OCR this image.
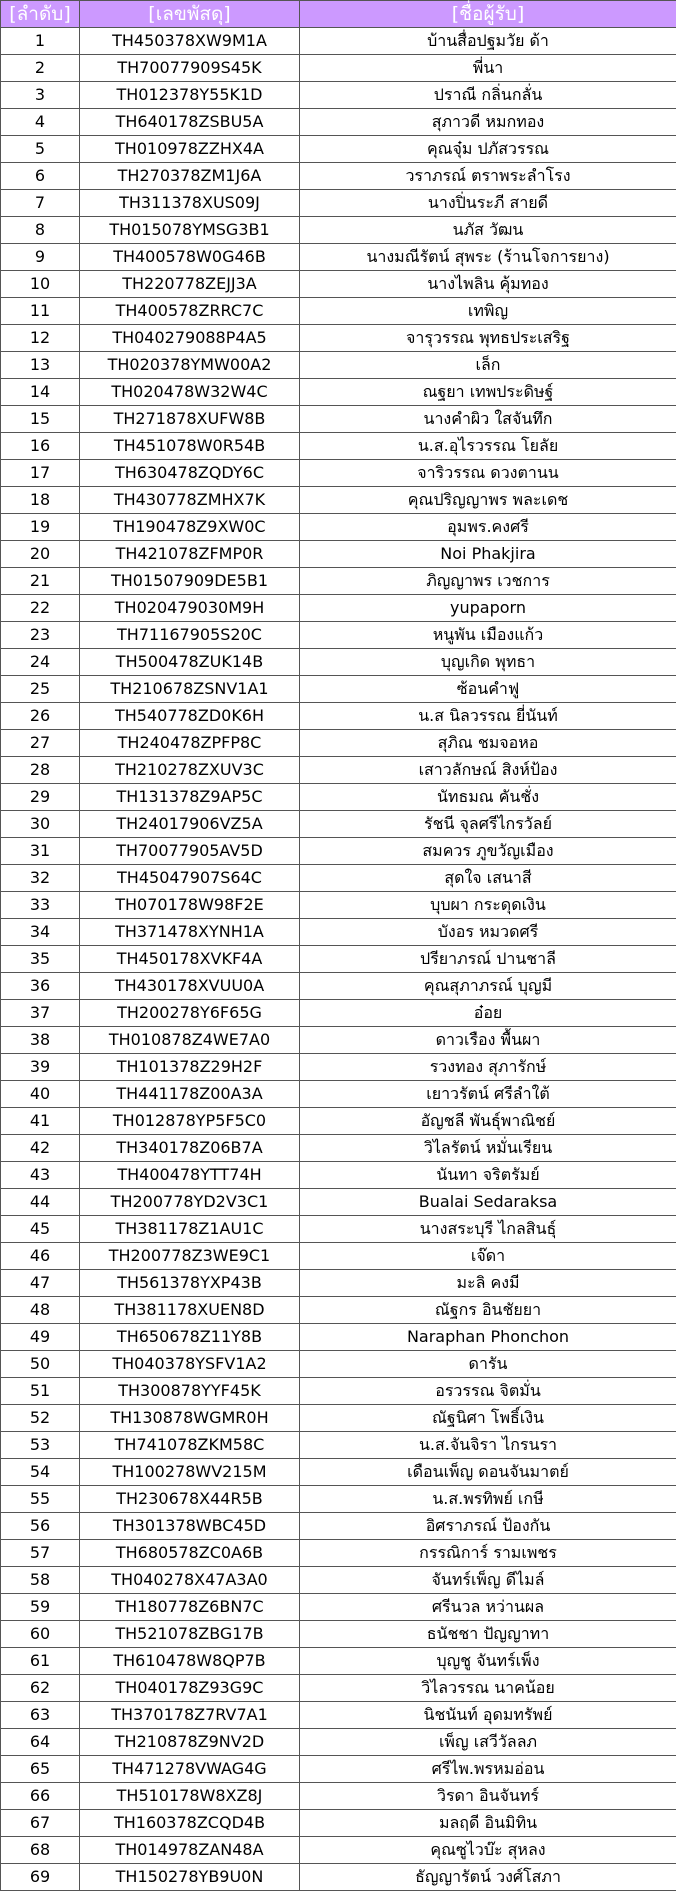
[ลำดับ]	[เลขพัสดุ]	[ชื่อผู้รับ]
1	TH450378XW9M1A	บ้านสื่อปฐมวัย ด้า
2	TH70077909S45K	พี่นา
3	TH012378Y55K1D	ปราณี กลิ่นกลั่น
4	TH640178ZSBU5A	สุภาวดี หมกทอง
5	TH010978ZZHX4A	คุณจุ๋ม ปภัสวรรณ
6	TH270378ZM1J6A	วราภรณ์ ตราพระลำโรง
7	TH311378XUS09J	นางปิ่นระภี สายดี
8	TH015078YMSG3B1	นภัส วัฒน
9	TH400578W0G46B	นางมณีรัตน์ สุพระ (ร้านโจการยาง)
10	TH220778ZEJJ3A	นางไพลิน คุ้มทอง
11	TH400578ZRRC7C	เทพิญ
12	TH040279088P4A5	จารุวรรณ พุทธประเสริฐ
13	TH020378YMW00A2	เล็ก
14	TH020478W32W4C	ณฐยา เทพประดิษฐ์
15	TH271878XUFW8B	นางคำผิว ใสจันทึก
16	TH451078W0R54B	น.ส.อุไรวรรณ โยลัย
17	TH630478ZQDY6C	จาริวรรณ ดวงตานน
18	TH430778ZMHX7K	คุณปริญญาพร พละเดช
19	TH190478Z9XW0C	อุมพร.คงศรี
20	TH421078ZFMP0R	Noi Phakjira
21	TH01507909DE5B1	ภิญญาพร เวชการ
22	TH020479030M9H	yupaporn
23	TH71167905S20C	หนูพัน เมืองแก้ว
24	TH500478ZUK14B	บุญเกิด พุทธา
25	TH210678ZSNV1A1	ซ้อนคำฟู
26	TH540778ZD0K6H	น.ส นิลวรรณ ยี่นันท์
27	TH240478ZPFP8C	สุภิณ ชมจอหอ
28	TH210278ZXUV3C	เสาวลักษณ์ สิงห์ป้อง
29	TH131378Z9AP5C	นัทธมณ คันชั่ง
30	TH24017906VZ5A	รัชนี จุลศรีไกรวัลย์
31	TH70077905AV5D	สมควร ภูขวัญเมือง
32	TH45047907S64C	สุดใจ เสนาสี
33	TH070178W98F2E	บุบผา กระดุดเงิน
34	TH371478XYNH1A	บังอร หมวดศรี
35	TH450178XVKF4A	ปรียาภรณ์ ปานชาลี
36	TH430178XVUU0A	คุณสุภาภรณ์ บุญมี
37	TH200278Y6F65G	อ๋อย
38	TH010878Z4WE7A0	ดาวเรือง พื้นผา
39	TH101378Z29H2F	รวงทอง สุภารักษ์
40	TH441178Z00A3A	เยาวรัตน์ ศรีลำใต้
41	TH012878YP5F5C0	อัญชลี พันธุ์พาณิชย์
42	TH340178Z06B7A	วิไลรัตน์ หมั่นเรียน
43	TH400478YTT74H	นันทา จริตรัมย์
44	TH200778YD2V3C1	Bualai Sedaraksa
45	TH381178Z1AU1C	นางสระบุรี ไกลสินธุ์
46	TH200778Z3WE9C1	เจ๊ดา
47	TH561378YXP43B	มะลิ คงมี
48	TH381178XUEN8D	ณัฐกร อินชัยยา
49	TH650678Z11Y8B	Naraphan Phonchon
50	TH040378YSFV1A2	ดารัน
51	TH300878YYF45K	อรวรรณ จิตมั่น
52	TH130878WGMR0H	ณัฐนิศา โพธิ์เงิน
53	TH741078ZKM58C	น.ส.จันจิรา ไกรนรา
54	TH100278WV215M	เดือนเพ็ญ ดอนจันมาตย์
55	TH230678X44R5B	น.ส.พรทิพย์ เกษี
56	TH301378WBC45D	อิศราภรณ์ ป้องกัน
57	TH680578ZC0A6B	กรรณิการ์ รามเพชร
58	TH040278X47A3A0	จันทร์เพ็ญ ดีไมล์
59	TH180778Z6BN7C	ศรีนวล หว่านผล
60	TH521078ZBG17B	ธนัชชา ปัญญาทา
61	TH610478W8QP7B	บุญชู จันทร์เพ็ง
62	TH040178Z93G9C	วิไลวรรณ นาคน้อย
63	TH370178Z7RV7A1	นิชนันท์ อุดมทรัพย์
64	TH210878Z9NV2D	เพ็ญ เสวีวัลลภ
65	TH471278VWAG4G	ศรีไพ.พรหมอ่อน
66	TH510178W8XZ8J	วิรดา อินจันทร์
67	TH160378ZCQD4B	มลฤดี อินมิทิน
68	TH014978ZAN48A	คุณซูไวบ๊ะ สุหลง
69	TH150278YB9U0N	ธัญญารัตน์ วงศ์โสภา
